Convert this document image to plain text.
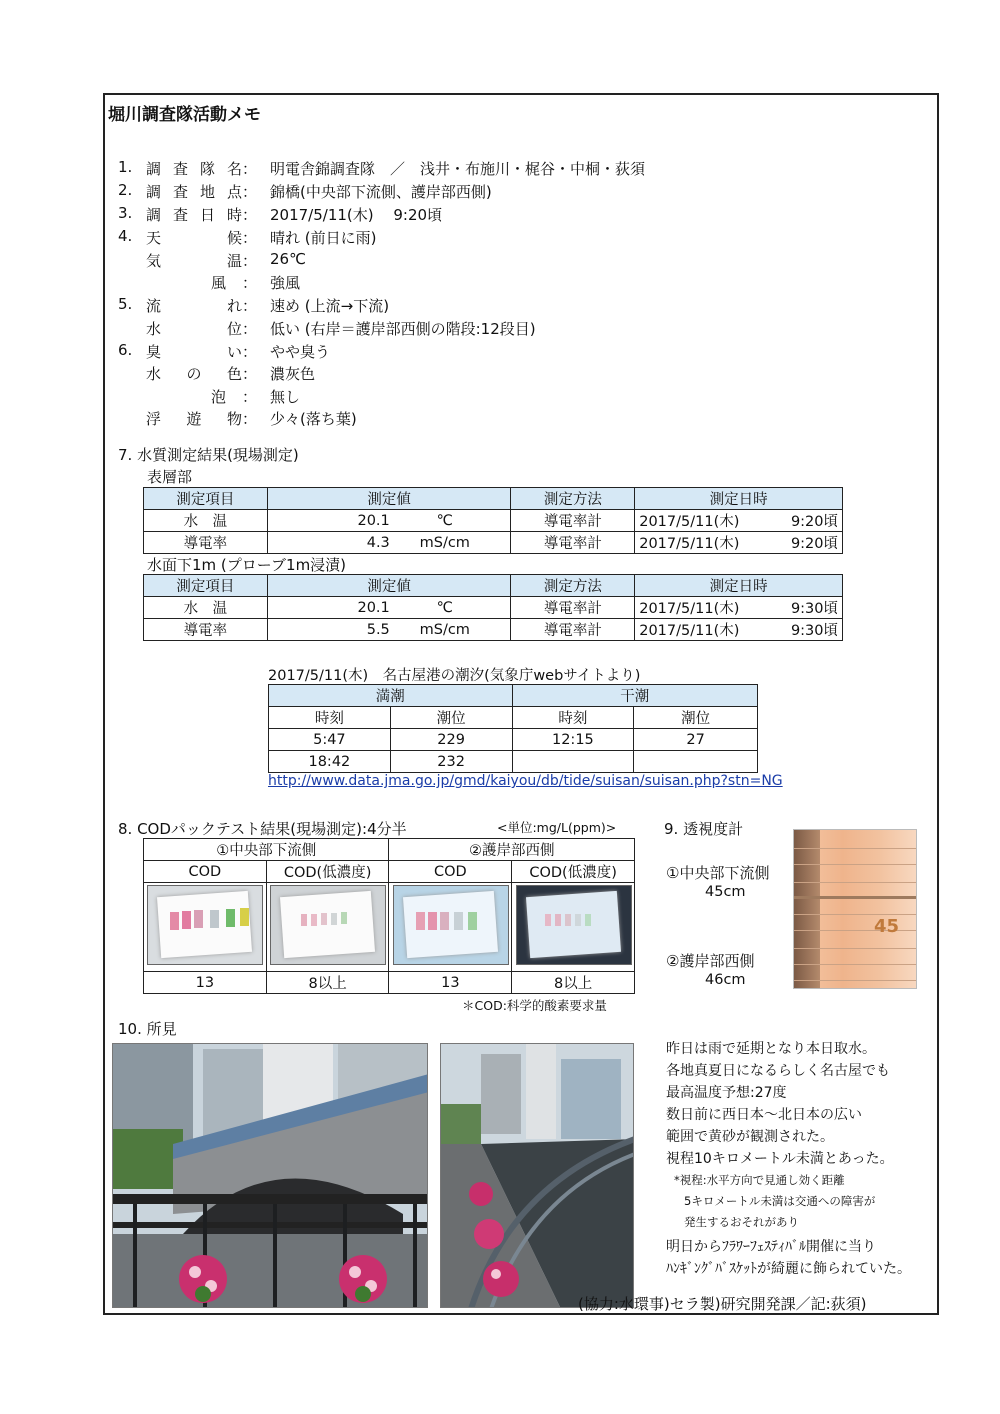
堀川調査隊活動メモ
1. 調査隊名 ： 明電舎錦調査隊　／　浅井・布施川・梶谷・中桐・荻須
2. 調査地点 ： 錦橋(中央部下流側、護岸部西側)
3. 調査日時 ： 2017/5/11(木)　 9:20頃
4. 天　　候 ： 晴れ (前日に雨)
気　　温 ： 26℃
風 ： 強風
5. 流　　れ ： 速め (上流→下流)
水　　位 ： 低い (右岸＝護岸部西側の階段:12段目)
6. 臭　　い ： やや臭う
水 の 色 ： 濃灰色
泡 ： 無し
浮 遊 物 ： 少々(落ち葉)
7. 水質測定結果(現場測定)
表層部
測定項目	測定値	測定方法	測定日時
水　温	20.1 ℃	導電率計	2017/5/11(木) 9:20頃

導電率	4.3 mS/cm	導電率計	2017/5/11(木) 9:20頃
水面下1m (プローブ1m浸漬)
測定項目	測定値	測定方法	測定日時
水　温	20.1 ℃	導電率計	2017/5/11(木) 9:30頃

導電率	5.5 mS/cm	導電率計	2017/5/11(木) 9:30頃
2017/5/11(木)　名古屋港の潮汐(気象庁webサイトより)
満潮		干潮	
時刻	潮位	時刻	潮位
5:47	229	12:15	27
18:42	232		
http://www.data.jma.go.jp/gmd/kaiyou/db/tide/suisan/suisan.php?stn=NG
8. CODパックテスト結果(現場測定):4分半	<単位:mg/L(ppm)>
①中央部下流側		②護岸部西側	
COD	COD(低濃度)	COD	COD(低濃度)

13	8以上	13	8以上
＊COD:科学的酸素要求量
9. 透視度計
①中央部下流側
45cm
②護岸部西側
46cm
45
10. 所見
昨日は雨で延期となり本日取水。
各地真夏日になるらしく名古屋でも
最高温度予想:27度
数日前に西日本～北日本の広い
範囲で黄砂が観測された。
視程10キロメートル未満とあった。
*視程:水平方向で見通し効く距離
5キロメートル未満は交通への障害が
発生するおそれがあり
明日からﾌﾗﾜｰﾌｪｽﾃｨﾊﾞﾙ開催に当り
ﾊﾝｷﾞﾝｸﾞﾊﾞｽｹｯﾄが綺麗に飾られていた。
(協力:水環事)セラ製)研究開発課／記:荻須)
